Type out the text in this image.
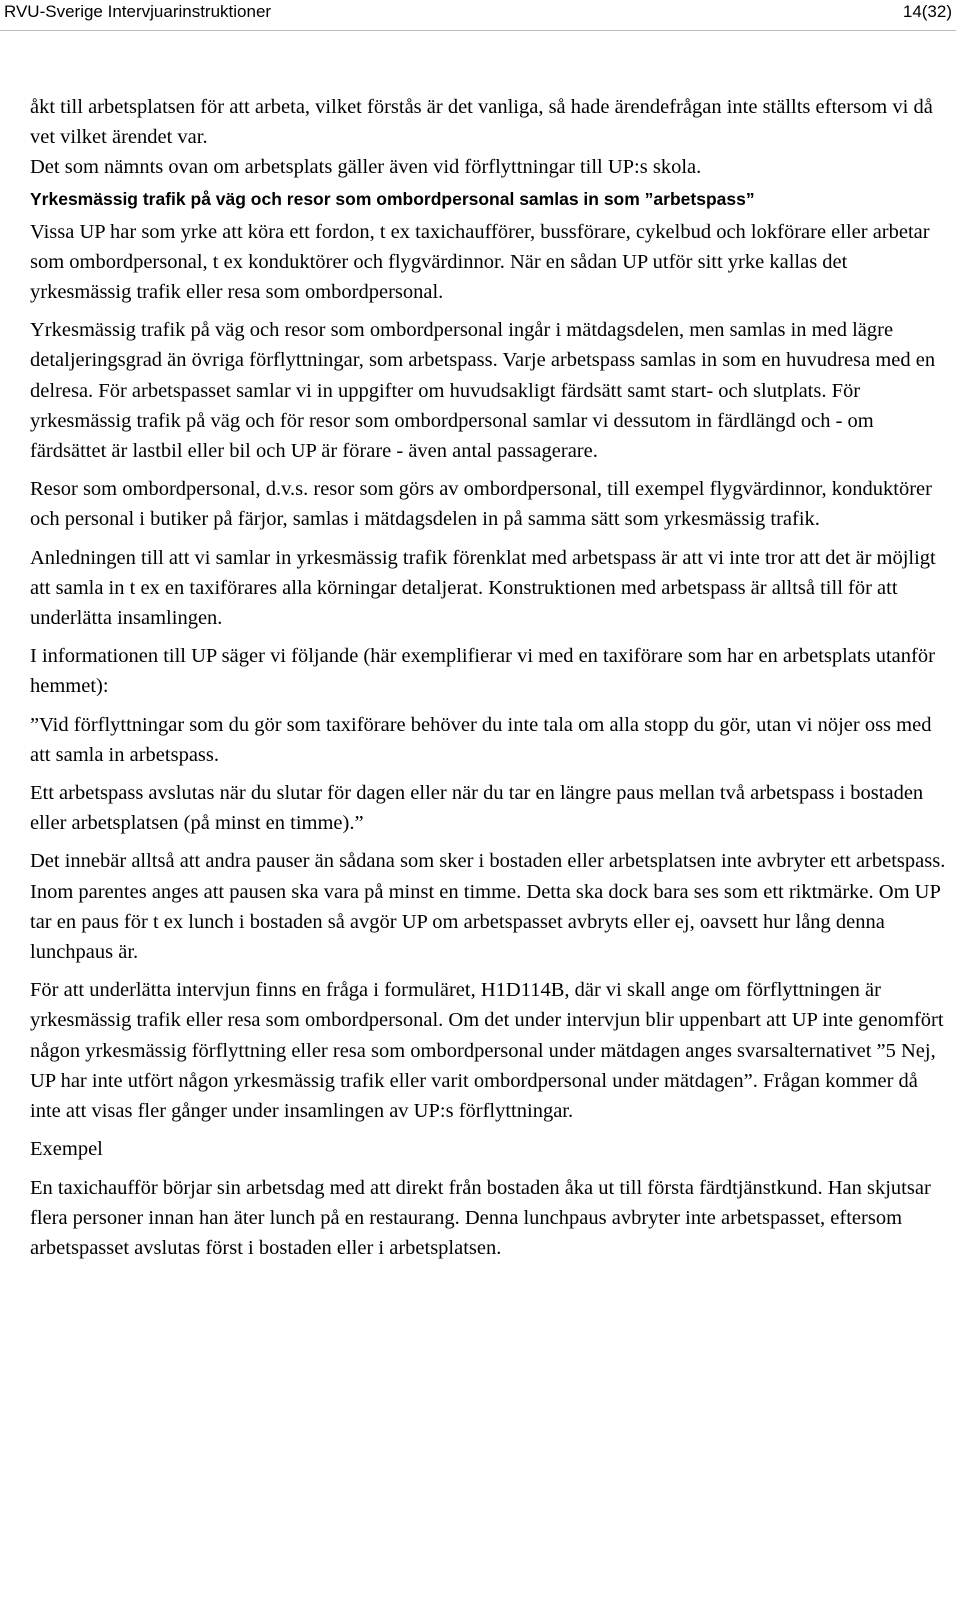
RVU-Sverige Intervjuarinstruktioner	14(32)

åkt till arbetsplatsen för att arbeta, vilket förstås är det vanliga, så hade ärendefrågan inte ställts eftersom vi då vet vilket ärendet var.

Det som nämnts ovan om arbetsplats gäller även vid förflyttningar till UP:s skola.

Yrkesmässig trafik på väg och resor som ombordpersonal samlas in som ”arbetspass”

Vissa UP har som yrke att köra ett fordon, t ex taxichaufförer, bussförare, cykelbud och lokförare eller arbetar som ombordpersonal, t ex konduktörer och flygvärdinnor. När en sådan UP utför sitt yrke kallas det yrkesmässig trafik eller resa som ombordpersonal.

Yrkesmässig trafik på väg och resor som ombordpersonal ingår i mätdagsdelen, men samlas in med lägre detaljeringsgrad än övriga förflyttningar, som arbetspass. Varje arbetspass samlas in som en huvudresa med en delresa. För arbetspasset samlar vi in uppgifter om huvudsakligt färdsätt samt start- och slutplats. För yrkesmässig trafik på väg och för resor som ombordpersonal samlar vi dessutom in färdlängd och - om färdsättet är lastbil eller bil och UP är förare - även antal passagerare.

Resor som ombordpersonal, d.v.s. resor som görs av ombordpersonal, till exempel flygvärdinnor, konduktörer och personal i butiker på färjor, samlas i mätdagsdelen in på samma sätt som yrkesmässig trafik.

Anledningen till att vi samlar in yrkesmässig trafik förenklat med arbetspass är att vi inte tror att det är möjligt att samla in t ex en taxiförares alla körningar detaljerat. Konstruktionen med arbetspass är alltså till för att underlätta insamlingen.

I informationen till UP säger vi följande (här exemplifierar vi med en taxiförare som har en arbetsplats utanför hemmet):

”Vid förflyttningar som du gör som taxiförare behöver du inte tala om alla stopp du gör, utan vi nöjer oss med att samla in arbetspass.

Ett arbetspass avslutas när du slutar för dagen eller när du tar en längre paus mellan två arbetspass i bostaden eller arbetsplatsen (på minst en timme).”

Det innebär alltså att andra pauser än sådana som sker i bostaden eller arbetsplatsen inte avbryter ett arbetspass. Inom parentes anges att pausen ska vara på minst en timme. Detta ska dock bara ses som ett riktmärke. Om UP tar en paus för t ex lunch i bostaden så avgör UP om arbetspasset avbryts eller ej, oavsett hur lång denna lunchpaus är.

För att underlätta intervjun finns en fråga i formuläret, H1D114B, där vi skall ange om förflyttningen är yrkesmässig trafik eller resa som ombordpersonal. Om det under intervjun blir uppenbart att UP inte genomfört någon yrkesmässig förflyttning eller resa som ombordpersonal under mätdagen anges svarsalternativet ”5 Nej, UP har inte utfört någon yrkesmässig trafik eller varit ombordpersonal under mätdagen”. Frågan kommer då inte att visas fler gånger under insamlingen av UP:s förflyttningar.

Exempel

En taxichaufför börjar sin arbetsdag med att direkt från bostaden åka ut till första färdtjänstkund. Han skjutsar flera personer innan han äter lunch på en restaurang. Denna lunchpaus avbryter inte arbetspasset, eftersom arbetspasset avslutas först i bostaden eller i arbetsplatsen.
